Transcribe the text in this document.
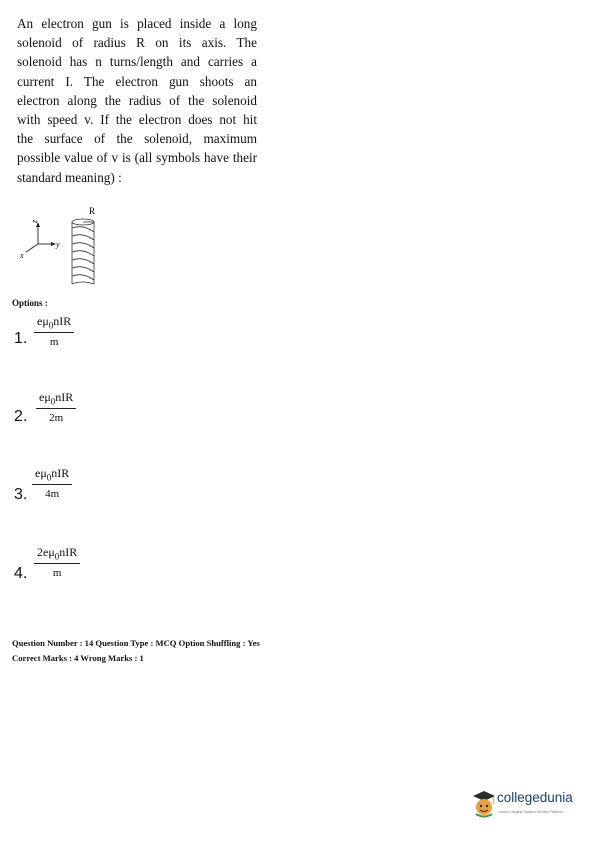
An electron gun is placed inside a long
solenoid of radius R on its axis. The
solenoid has n turns/length and carries a
current I. The electron gun shoots an
electron along the radius of the solenoid
with speed v. If the electron does not hit
the surface of the solenoid, maximum
possible value of v is (all symbols have their
standard meaning) :
z
y
x
R
Options :
1.
$e\mu_0nIR$
m
2.
$e\mu_0nIR$
2m
3.
$e\mu_0nIR$
4m
4.
$2e\mu_0nIR$
m
Question Number : 14 Question Type : MCQ Option Shuffling : Yes
Correct Marks : 4 Wrong Marks : 1
collegedunia
India's Largest Student Review Platform
